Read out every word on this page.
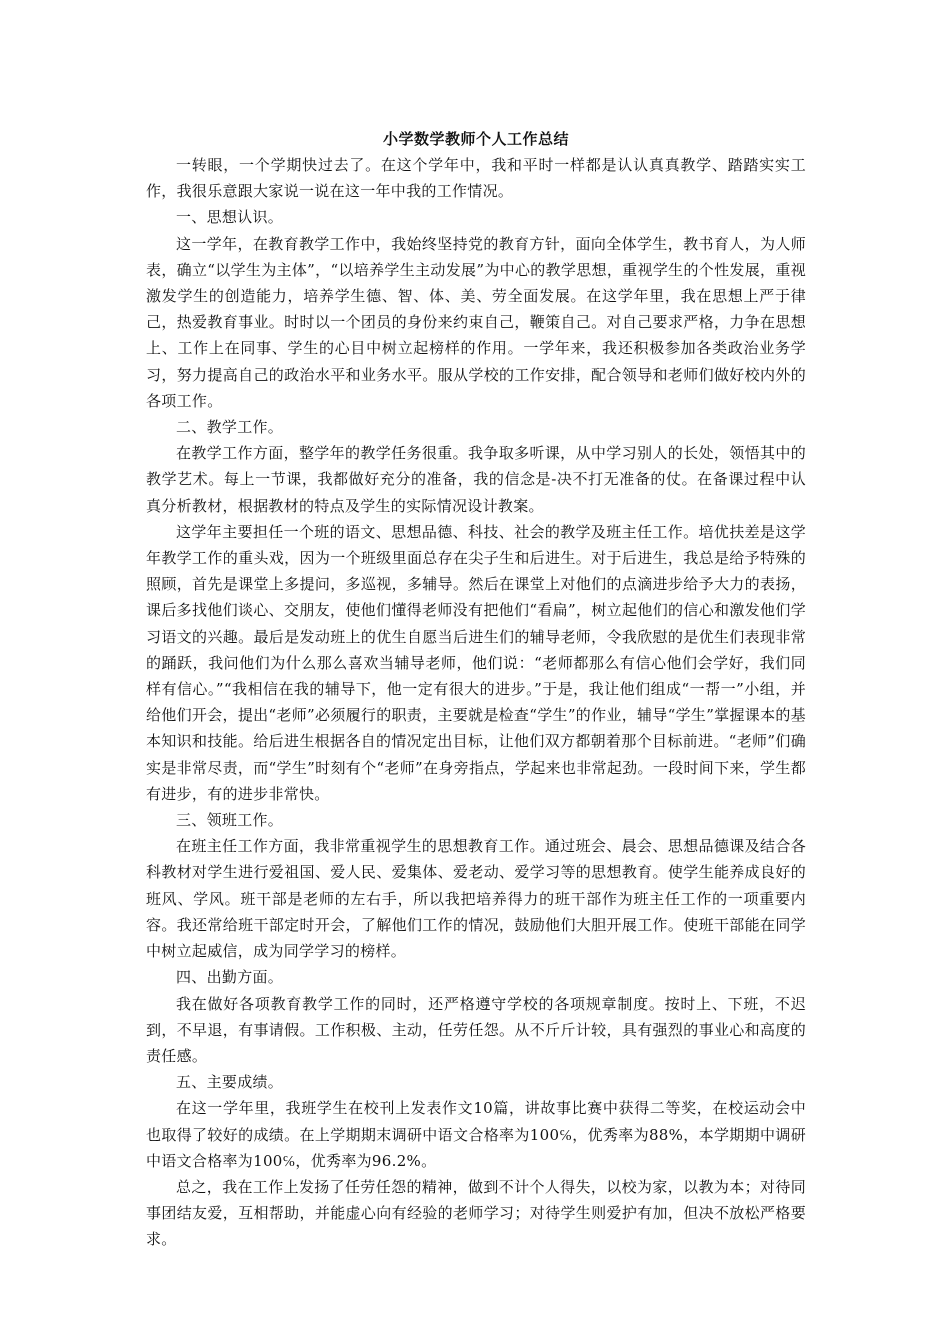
小学数学教师个人工作总结

一转眼，一个学期快过去了。在这个学年中，我和平时一样都是认认真真教学、踏踏实实工作，我很乐意跟大家说一说在这一年中我的工作情况。

一、思想认识。

这一学年，在教育教学工作中，我始终坚持党的教育方针，面向全体学生，教书育人，为人师表，确立“以学生为主体”，“以培养学生主动发展”为中心的教学思想，重视学生的个性发展，重视激发学生的创造能力，培养学生德、智、体、美、劳全面发展。在这学年里，我在思想上严于律己，热爱教育事业。时时以一个团员的身份来约束自己，鞭策自己。对自己要求严格，力争在思想上、工作上在同事、学生的心目中树立起榜样的作用。一学年来，我还积极参加各类政治业务学习，努力提高自己的政治水平和业务水平。服从学校的工作安排，配合领导和老师们做好校内外的各项工作。

二、教学工作。

在教学工作方面，整学年的教学任务很重。我争取多听课，从中学习别人的长处，领悟其中的教学艺术。每上一节课，我都做好充分的准备，我的信念是-决不打无准备的仗。在备课过程中认真分析教材，根据教材的特点及学生的实际情况设计教案。

这学年主要担任一个班的语文、思想品德、科技、社会的教学及班主任工作。培优扶差是这学年教学工作的重头戏，因为一个班级里面总存在尖子生和后进生。对于后进生，我总是给予特殊的照顾，首先是课堂上多提问，多巡视，多辅导。然后在课堂上对他们的点滴进步给予大力的表扬，课后多找他们谈心、交朋友，使他们懂得老师没有把他们“看扁”，树立起他们的信心和激发他们学习语文的兴趣。最后是发动班上的优生自愿当后进生们的辅导老师，令我欣慰的是优生们表现非常的踊跃，我问他们为什么那么喜欢当辅导老师，他们说：“老师都那么有信心他们会学好，我们同样有信心。”“我相信在我的辅导下，他一定有很大的进步。”于是，我让他们组成“一帮一”小组，并给他们开会，提出“老师”必须履行的职责，主要就是检查“学生”的作业，辅导“学生”掌握课本的基本知识和技能。给后进生根据各自的情况定出目标，让他们双方都朝着那个目标前进。“老师”们确实是非常尽责，而“学生”时刻有个“老师”在身旁指点，学起来也非常起劲。一段时间下来，学生都有进步，有的进步非常快。

三、领班工作。

在班主任工作方面，我非常重视学生的思想教育工作。通过班会、晨会、思想品德课及结合各科教材对学生进行爱祖国、爱人民、爱集体、爱老动、爱学习等的思想教育。使学生能养成良好的班风、学风。班干部是老师的左右手，所以我把培养得力的班干部作为班主任工作的一项重要内容。我还常给班干部定时开会，了解他们工作的情况，鼓励他们大胆开展工作。使班干部能在同学中树立起威信，成为同学学习的榜样。

四、出勤方面。

我在做好各项教育教学工作的同时，还严格遵守学校的各项规章制度。按时上、下班，不迟到，不早退，有事请假。工作积极、主动，任劳任怨。从不斤斤计较，具有强烈的事业心和高度的责任感。

五、主要成绩。

在这一学年里，我班学生在校刊上发表作文10篇，讲故事比赛中获得二等奖，在校运动会中也取得了较好的成绩。在上学期期末调研中语文合格率为100℅，优秀率为88%，本学期期中调研中语文合格率为100℅，优秀率为96.2%。

总之，我在工作上发扬了任劳任怨的精神，做到不计个人得失，以校为家，以教为本；对待同事团结友爱，互相帮助，并能虚心向有经验的老师学习；对待学生则爱护有加，但决不放松严格要求。
